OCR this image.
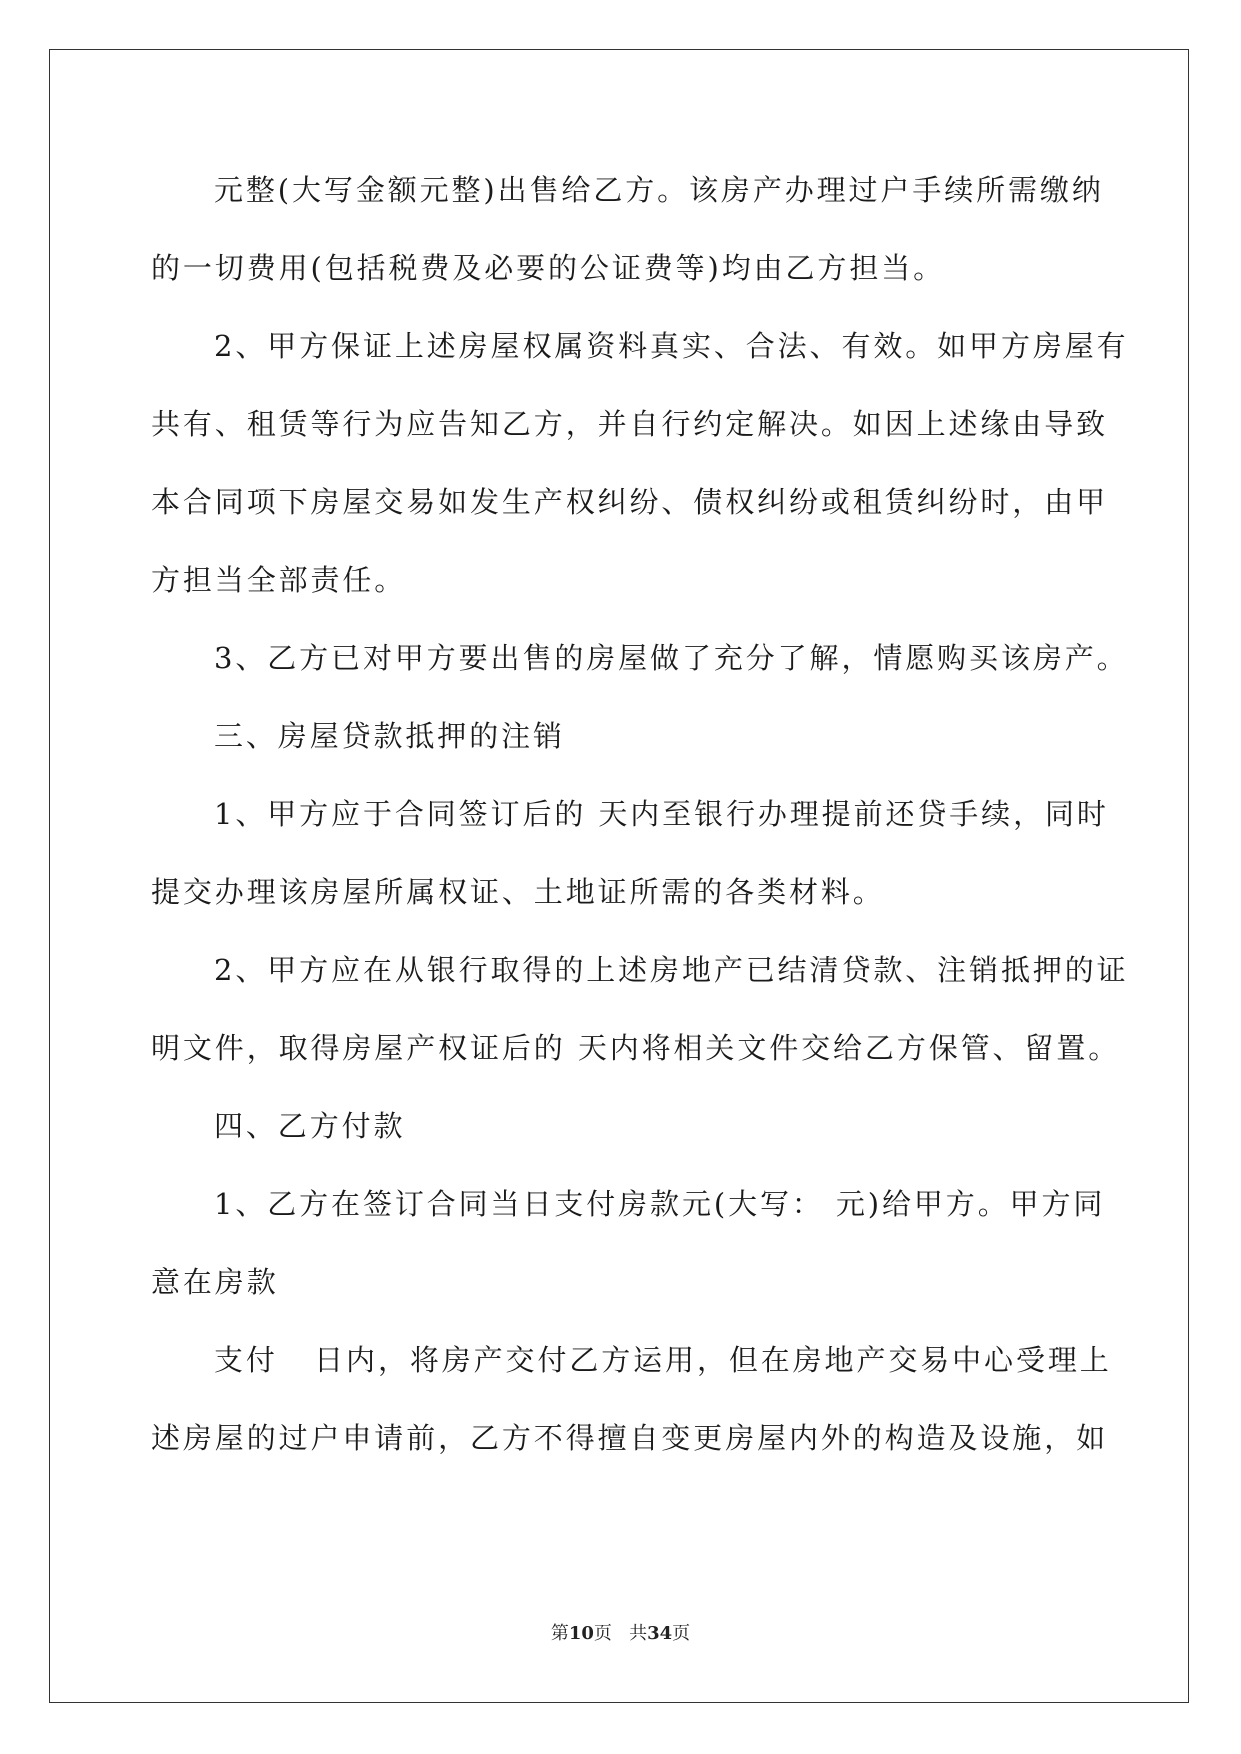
元整(大写金额元整)出售给乙方。该房产办理过户手续所需缴纳
的一切费用(包括税费及必要的公证费等)均由乙方担当。
2、甲方保证上述房屋权属资料真实、合法、有效。如甲方房屋有
共有、租赁等行为应告知乙方，并自行约定解决。如因上述缘由导致
本合同项下房屋交易如发生产权纠纷、债权纠纷或租赁纠纷时，由甲
方担当全部责任。
3、乙方已对甲方要出售的房屋做了充分了解，情愿购买该房产。
三、房屋贷款抵押的注销
1、甲方应于合同签订后的 天内至银行办理提前还贷手续，同时
提交办理该房屋所属权证、土地证所需的各类材料。
2、甲方应在从银行取得的上述房地产已结清贷款、注销抵押的证
明文件，取得房屋产权证后的 天内将相关文件交给乙方保管、留置。
四、乙方付款
1、乙方在签订合同当日支付房款元(大写： 元)给甲方。甲方同
意在房款
支付   日内，将房产交付乙方运用，但在房地产交易中心受理上
述房屋的过户申请前，乙方不得擅自变更房屋内外的构造及设施，如
第10页   共34页
